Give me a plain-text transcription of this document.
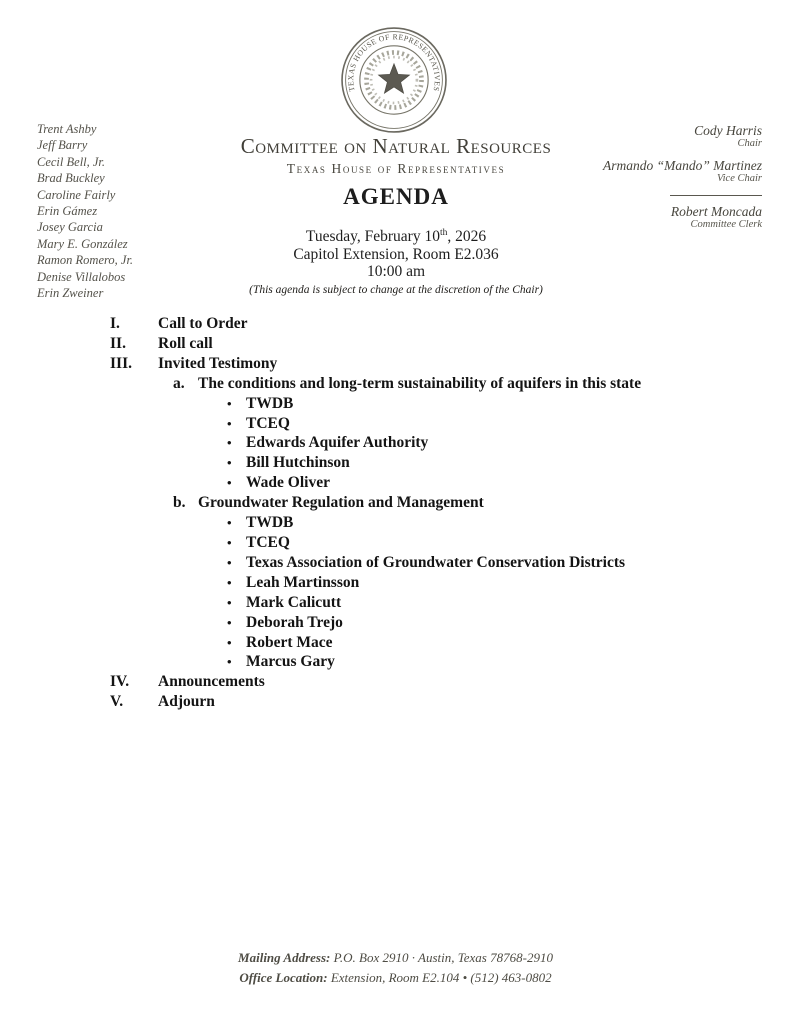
TEXAS HOUSE OF REPRESENTATIVES
Trent Ashby
Jeff Barry
Cecil Bell, Jr.
Brad Buckley
Caroline Fairly
Erin Gámez
Josey Garcia
Mary E. González
Ramon Romero, Jr.
Denise Villalobos
Erin Zweiner
Committee on Natural Resources
Texas House of Representatives
AGENDA
Tuesday, February 10th, 2026
Capitol Extension, Room E2.036
10:00 am
(This agenda is subject to change at the discretion of the Chair)
Cody Harris
Chair
Armando “Mando” Martinez
Vice Chair
Robert Moncada
Committee Clerk
I.	Call to Order
II.	Roll call
III.	Invited Testimony
a. The conditions and long-term sustainability of aquifers in this state
•
TWDB
•
TCEQ
•
Edwards Aquifer Authority
•
Bill Hutchinson
•
Wade Oliver
b. Groundwater Regulation and Management
•
TWDB
•
TCEQ
•
Texas Association of Groundwater Conservation Districts
•
Leah Martinsson
•
Mark Calicutt
•
Deborah Trejo
•
Robert Mace
•
Marcus Gary
IV.	Announcements
V.	Adjourn
Mailing Address: P.O. Box 2910 · Austin, Texas 78768-2910
Office Location: Extension, Room E2.104 • (512) 463-0802
